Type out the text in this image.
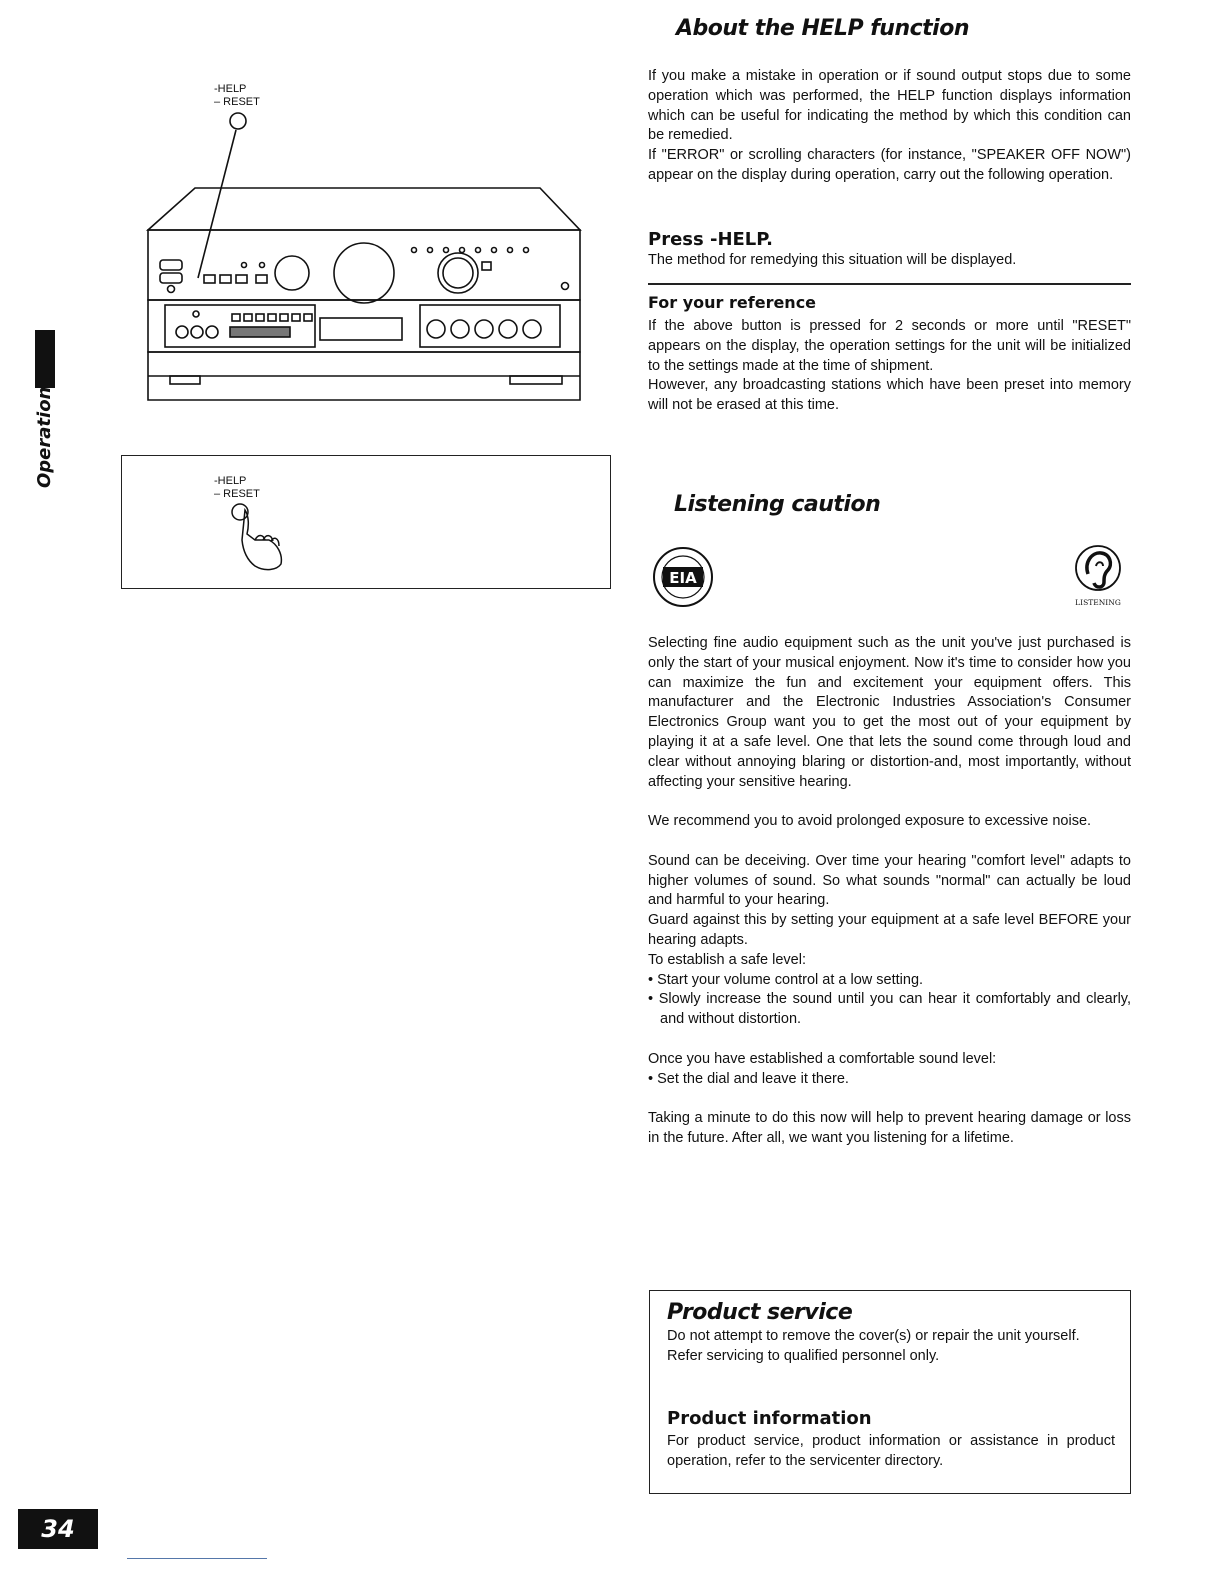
Operation
34
-HELP
– RESET
-HELP
– RESET
About the HELP function

If you make a mistake in operation or if sound output stops due to some operation which was performed, the HELP function displays information which can be useful for indicating the method by which this condition can be remedied.

If "ERROR" or scrolling characters (for instance, "SPEAKER OFF NOW") appear on the display during operation, carry out the following operation.

Press -HELP.
The method for remedying this situation will be displayed.
For your reference

If the above button is pressed for 2 seconds or more until "RESET" appears on the display, the operation settings for the unit will be initialized to the settings made at the time of shipment.

However, any broadcasting stations which have been preset into memory will not be erased at this time.

Listening caution
EIA
LISTENING

Selecting fine audio equipment such as the unit you've just purchased is only the start of your musical enjoyment. Now it's time to consider how you can maximize the fun and excitement your equipment offers. This manufacturer and the Electronic Industries Association's Consumer Electronics Group want you to get the most out of your equipment by playing it at a safe level. One that lets the sound come through loud and clear without annoying blaring or distortion-and, most importantly, without affecting your sensitive hearing.

We recommend you to avoid prolonged exposure to excessive noise.

Sound can be deceiving. Over time your hearing "comfort level" adapts to higher volumes of sound. So what sounds "normal" can actually be loud and harmful to your hearing.

Guard against this by setting your equipment at a safe level BEFORE your hearing adapts.

To establish a safe level:

• Start your volume control at a low setting.
• Slowly increase the sound until you can hear it comfortably and clearly, and without distortion.

Once you have established a comfortable sound level:

• Set the dial and leave it there.

Taking a minute to do this now will help to prevent hearing damage or loss in the future. After all, we want you listening for a lifetime.

Product service

Do not attempt to remove the cover(s) or repair the unit yourself.

Refer servicing to qualified personnel only.

Product information
For product service, product information or assistance in product operation, refer to the servicenter directory.
